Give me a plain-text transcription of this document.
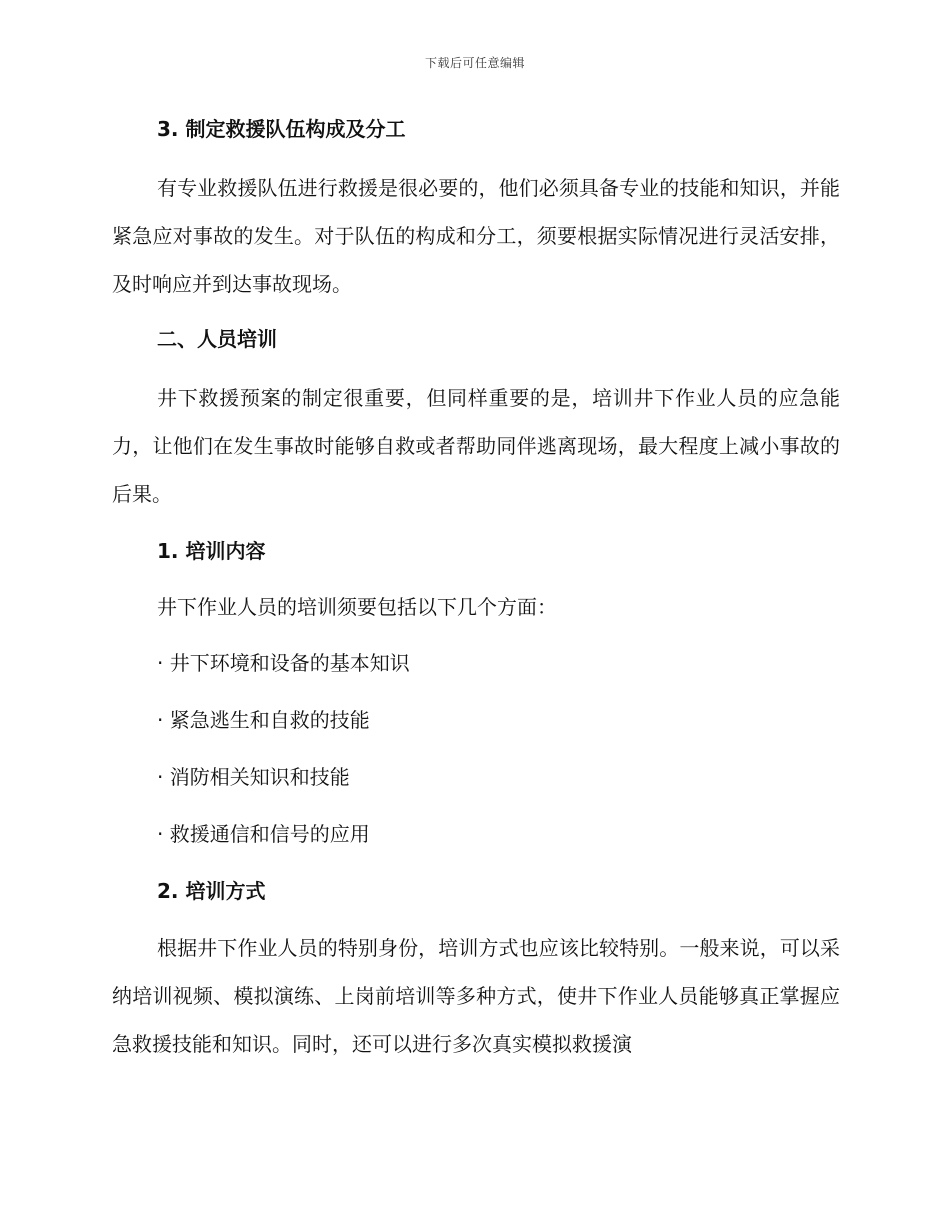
下载后可任意编辑
3. 制定救援队伍构成及分工

有专业救援队伍进行救援是很必要的，他们必须具备专业的技能和知识，并能紧急应对事故的发生。对于队伍的构成和分工，须要根据实际情况进行灵活安排，及时响应并到达事故现场。

二、人员培训

井下救援预案的制定很重要，但同样重要的是，培训井下作业人员的应急能力，让他们在发生事故时能够自救或者帮助同伴逃离现场，最大程度上减小事故的后果。

1. 培训内容

井下作业人员的培训须要包括以下几个方面：

· 井下环境和设备的基本知识
· 紧急逃生和自救的技能
· 消防相关知识和技能
· 救援通信和信号的应用
2. 培训方式

根据井下作业人员的特别身份，培训方式也应该比较特别。一般来说，可以采纳培训视频、模拟演练、上岗前培训等多种方式，使井下作业人员能够真正掌握应急救援技能和知识。同时，还可以进行多次真实模拟救援演
